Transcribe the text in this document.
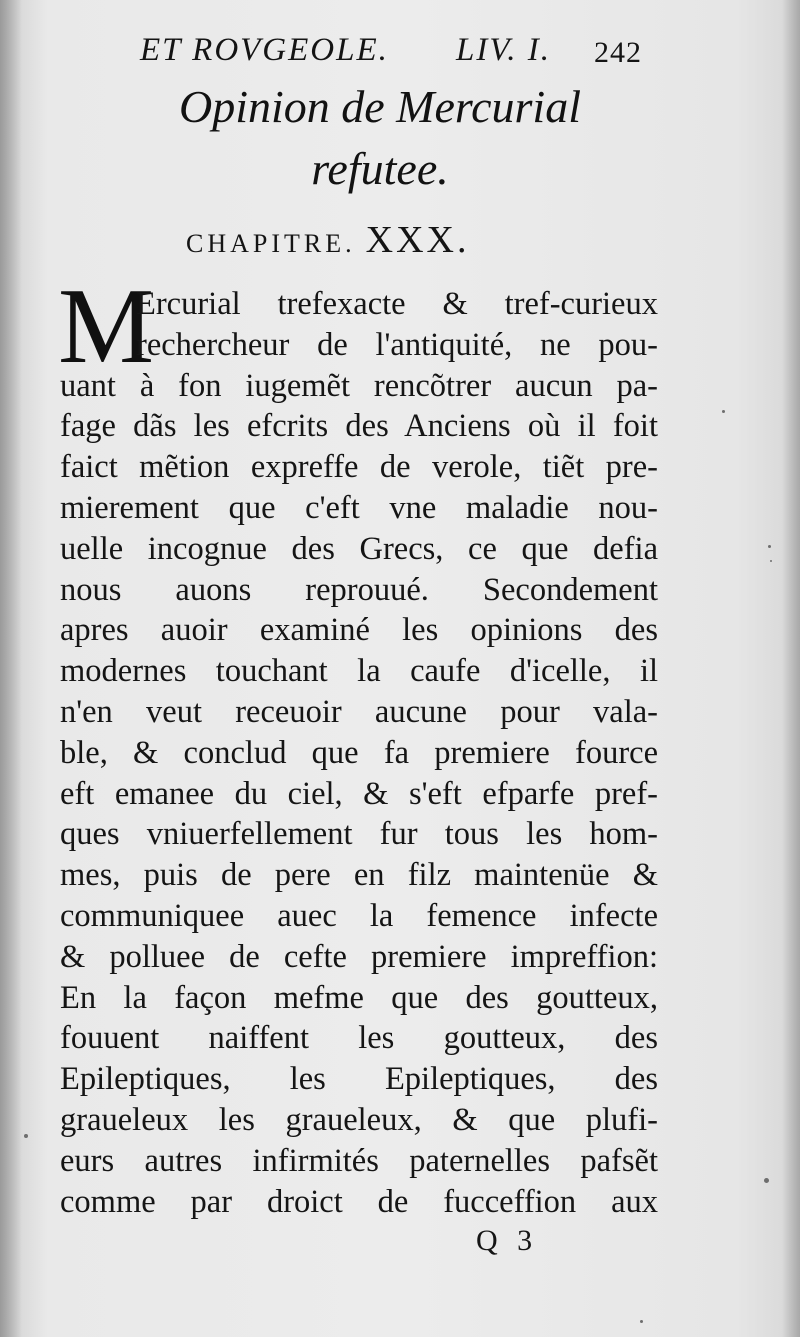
ET ROVGEOLE. LIV. I. 242
Opinion de Mercurial
refutee.
CHAPITRE. XXX.
M
Ercurial trefexacte & tref-curieux
rechercheur de l'antiquité, ne pou-
uant à fon iugemẽt rencõtrer aucun pa-
fage dãs les efcrits des Anciens où il foit
faict mẽtion expreffe de verole, tiẽt pre-
mierement que c'eft vne maladie nou-
uelle incognue des Grecs, ce que defia
nous auons reprouué. Secondement
apres auoir examiné les opinions des
modernes touchant la caufe d'icelle, il
n'en veut receuoir aucune pour vala-
ble, & conclud que fa premiere fource
eft emanee du ciel, & s'eft efparfe pref-
ques vniuerfellement fur tous les hom-
mes, puis de pere en filz maintenüe &
communiquee auec la femence infecte
& polluee de cefte premiere impreffion:
En la façon mefme que des goutteux,
fouuent naiffent les goutteux, des
Epileptiques, les Epileptiques, des
graueleux les graueleux, & que plufi-
eurs autres infirmités paternelles pafsẽt
comme par droict de fucceffion aux
Q 3
